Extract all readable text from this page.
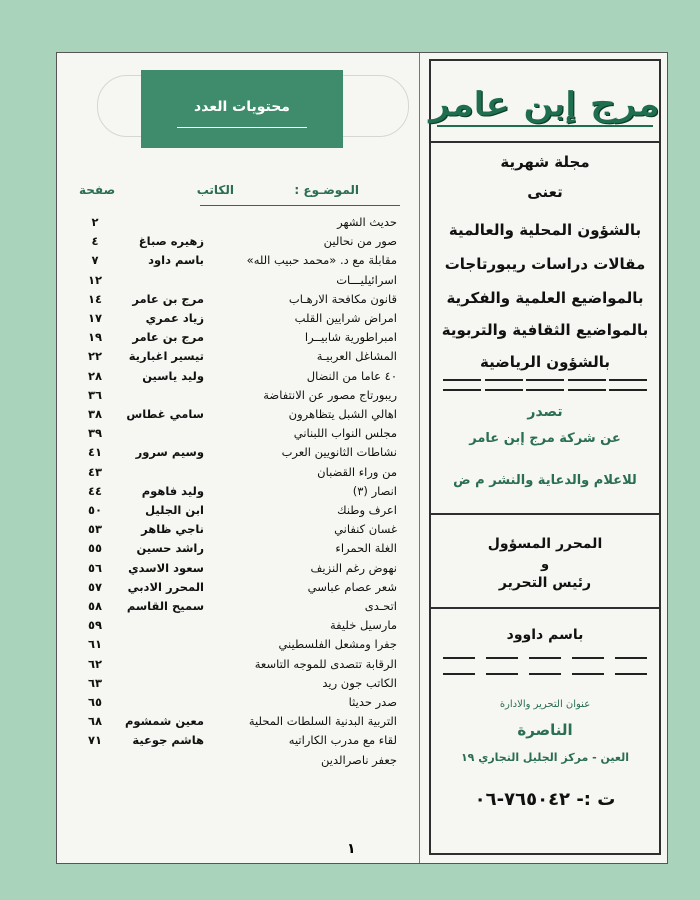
محتويات العدد
الموضـوع :
الكاتب
صفحة
حديث الشهر
٢
صور من نحالين
زهيره صباغ
٤
مقابلة مع د. «محمد حبيب الله»
باسم داود
٧
اسرائيليـــات
١٢
قانون مكافحة الارهـاب
مرج بن عامر
١٤
امراض شرايين القلب
زياد عمري
١٧
امبراطورية شابيــرا
مرج بن عامر
١٩
المشاغل العربيـة
تيسير اغبارية
٢٢
٤٠ عاما من النضال
وليد ياسين
٢٨
ريبورتاج مصور عن الانتفاضة
٣٦
اهالي الشبل يتظاهرون
سامي غطاس
٣٨
مجلس النواب اللبناني
٣٩
نشاطات الثانويين العرب
وسيم سرور
٤١
من وراء القضبان
٤٣
انصار (٣)
وليد فاهوم
٤٤
اعرف وطنك
ابن الجليل
٥٠
غسان كنفاني
ناجي ظاهر
٥٣
الغلة الحمراء
راشد حسين
٥٥
نهوض رغم النزيف
سعود الاسدي
٥٦
شعر عصام عباسي
المحرر الادبي
٥٧
اتحـدى
سميح القاسم
٥٨
مارسيل خليفة
٥٩
جفرا ومشعل الفلسطيني
٦١
الرقابة تتصدى للموجه التاسعة
٦٢
الكاتب جون ريد
٦٣
صدر حديثا
٦٥
التربية البدنية السلطات المحلية
معين شمشوم
٦٨
لقاء مع مدرب الكاراتيه
هاشم جوعية
٧١
جعفر ناصرالدين
١
مرج إبن عامر
مجلة شهرية
تعنى
بالشؤون المحلية والعالمية
مقالات دراسات ريبورتاجات
بالمواضيع العلمية والفكرية
بالمواضيع الثقافية والتربوية
بالشؤون الرياضية
تصدر
عن شركة مرج إبن عامر
للاعلام والدعاية والنشر م ض
المحرر المسؤول
و
رئيس التحرير
باسم داوود
عنوان التحرير والادارة
الناصرة
العين - مركز الجليل التجاري ١٩
ت :- ٧٦٥٠٤٢-٠٦
